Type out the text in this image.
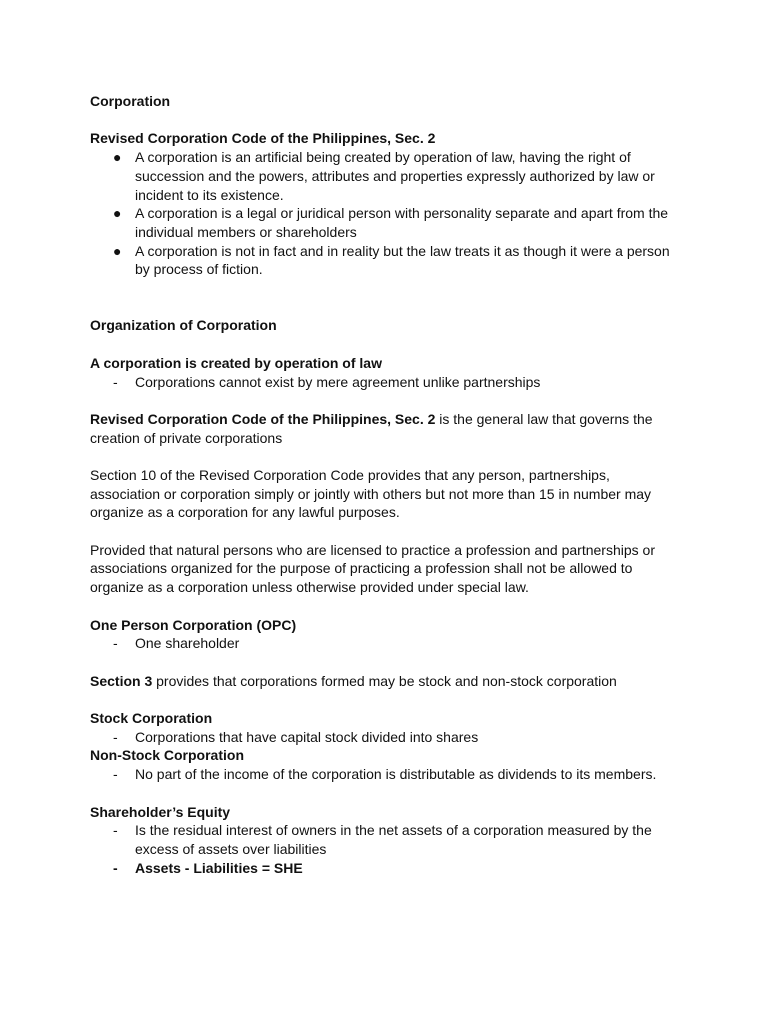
Corporation

Revised Corporation Code of the Philippines, Sec. 2

● A corporation is an artificial being created by operation of law, having the right of succession and the powers, attributes and properties expressly authorized by law or incident to its existence.
● A corporation is a legal or juridical person with personality separate and apart from the individual members or shareholders
● A corporation is not in fact and in reality but the law treats it as though it were a person by process of fiction.

Organization of Corporation

A corporation is created by operation of law

- Corporations cannot exist by mere agreement unlike partnerships

Revised Corporation Code of the Philippines, Sec. 2 is the general law that governs the creation of private corporations

Section 10 of the Revised Corporation Code provides that any person, partnerships, association or corporation simply or jointly with others but not more than 15 in number may organize as a corporation for any lawful purposes.

Provided that natural persons who are licensed to practice a profession and partnerships or associations organized for the purpose of practicing a profession shall not be allowed to organize as a corporation unless otherwise provided under special law.

One Person Corporation (OPC)

- One shareholder

Section 3 provides that corporations formed may be stock and non-stock corporation

Stock Corporation

- Corporations that have capital stock divided into shares

Non-Stock Corporation

- No part of the income of the corporation is distributable as dividends to its members.

Shareholder’s Equity

- Is the residual interest of owners in the net assets of a corporation measured by the excess of assets over liabilities
- Assets - Liabilities = SHE
